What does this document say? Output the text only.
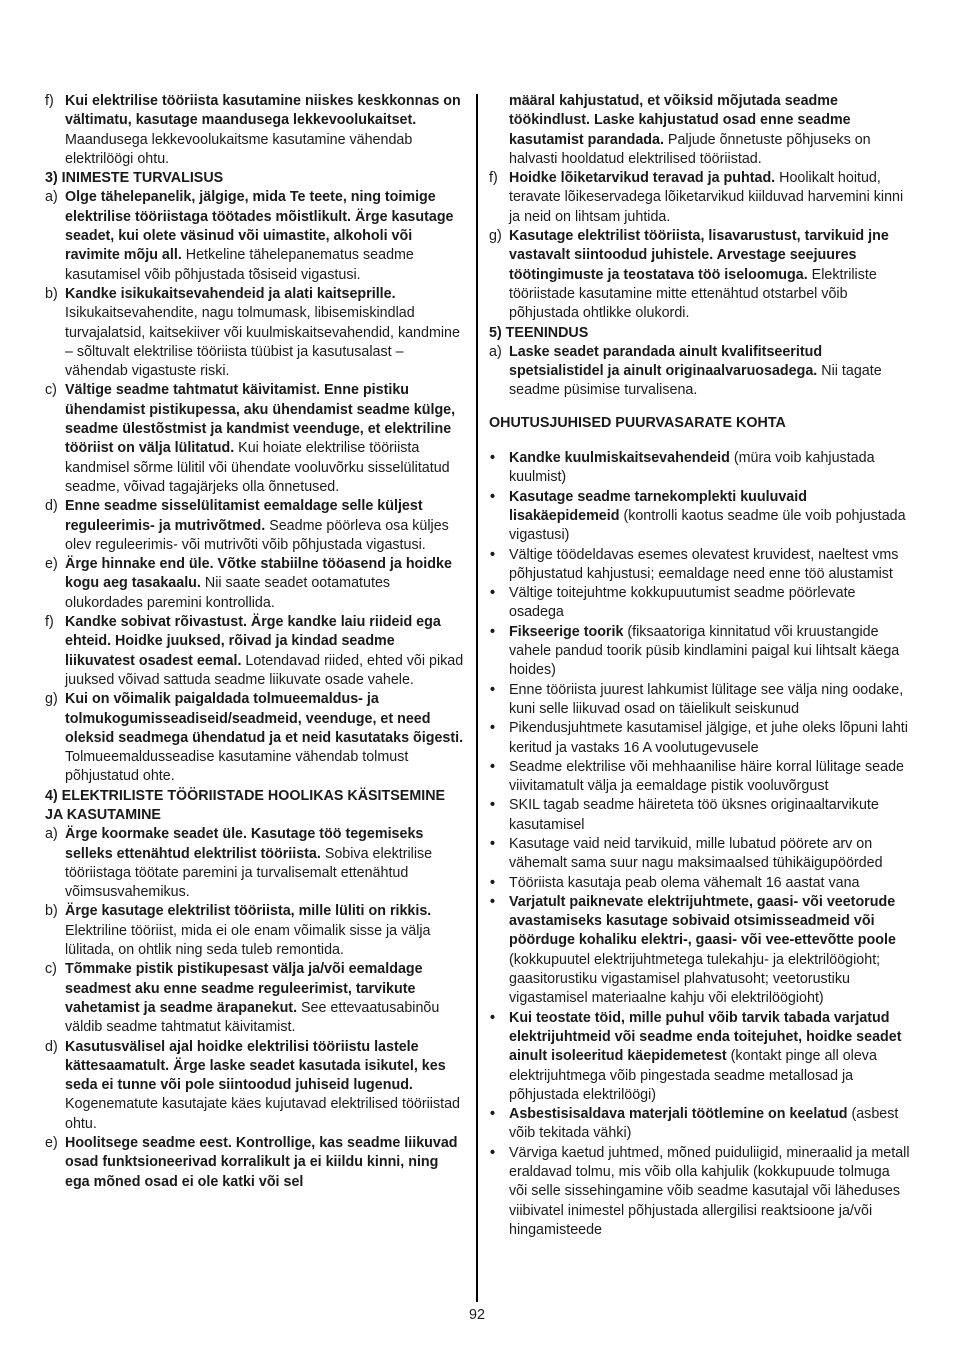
f) Kui elektrilise tööriista kasutamine niiskes keskkonnas on vältimatu, kasutage maandusega lekkevoolukaitset. Maandusega lekkevoolukaitsme kasutamine vähendab elektrilöögi ohtu.
3) INIMESTE TURVALISUS
a) Olge tähelepanelik, jälgige, mida Te teete, ning toimige elektrilise tööriistaga töötades mõistlikult. Ärge kasutage seadet, kui olete väsinud või uimastite, alkoholi või ravimite mõju all. Hetkeline tähelepanematus seadme kasutamisel võib põhjustada tõsiseid vigastusi.
b) Kandke isikukaitsevahendeid ja alati kaitseprille. Isikukaitsevahendite, nagu tolmumask, libisemiskindlad turvajalatsid, kaitsekiiver või kuulmiskaitsevahendid, kandmine – sõltuvalt elektrilise tööriista tüübist ja kasutusalast – vähendab vigastuste riski.
c) Vältige seadme tahtmatut käivitamist. Enne pistiku ühendamist pistikupessa, aku ühendamist seadme külge, seadme ülestõstmist ja kandmist veenduge, et elektriline tööriist on välja lülitatud. Kui hoiate elektrilise tööriista kandmisel sõrme lülitil või ühendate vooluvõrku sisselülitatud seadme, võivad tagajärjeks olla õnnetused.
d) Enne seadme sisselülitamist eemaldage selle küljest reguleerimis- ja mutrivõtmed. Seadme pöörleva osa küljes olev reguleerimis- või mutrivõti võib põhjustada vigastusi.
e) Ärge hinnake end üle. Võtke stabiilne tööasend ja hoidke kogu aeg tasakaalu. Nii saate seadet ootamatutes olukordades paremini kontrollida.
f) Kandke sobivat rõivastust. Ärge kandke laiu riideid ega ehteid. Hoidke juuksed, rõivad ja kindad seadme liikuvatest osadest eemal. Lotendavad riided, ehted või pikad juuksed võivad sattuda seadme liikuvate osade vahele.
g) Kui on võimalik paigaldada tolmueemaldus- ja tolmukogumisseadiseid/seadmeid, veenduge, et need oleksid seadmega ühendatud ja et neid kasutataks õigesti. Tolmueemaldusseadise kasutamine vähendab tolmust põhjustatud ohte.
4) ELEKTRILISTE TÖÖRIISTADE HOOLIKAS KÄSITSEMINE JA KASUTAMINE
a) Ärge koormake seadet üle. Kasutage töö tegemiseks selleks ettenähtud elektrilist tööriista. Sobiva elektrilise tööriistaga töötate paremini ja turvalisemalt ettenähtud võimsusvahemikus.
b) Ärge kasutage elektrilist tööriista, mille lüliti on rikkis. Elektriline tööriist, mida ei ole enam võimalik sisse ja välja lülitada, on ohtlik ning seda tuleb remontida.
c) Tõmmake pistik pistikupesast välja ja/või eemaldage seadmest aku enne seadme reguleerimist, tarvikute vahetamist ja seadme ärapanekut. See ettevaatusabinõu väldib seadme tahtmatut käivitamist.
d) Kasutusvälisel ajal hoidke elektrilisi tööriistu lastele kättesaamatult. Ärge laske seadet kasutada isikutel, kes seda ei tunne või pole siintoodud juhiseid lugenud. Kogenematute kasutajate käes kujutavad elektrilised tööriistad ohtu.
e) Hoolitsege seadme eest. Kontrollige, kas seadme liikuvad osad funktsioneerivad korralikult ja ei kiildu kinni, ning ega mõned osad ei ole katki või sel
määral kahjustatud, et võiksid mõjutada seadme töökindlust. Laske kahjustatud osad enne seadme kasutamist parandada. Paljude õnnetuste põhjuseks on halvasti hooldatud elektrilised tööriistad.
f) Hoidke lõiketarvikud teravad ja puhtad. Hoolikalt hoitud, teravate lõikeservadega lõiketarvikud kiilduvad harvemini kinni ja neid on lihtsam juhtida.
g) Kasutage elektrilist tööriista, lisavarustust, tarvikuid jne vastavalt siintoodud juhistele. Arvestage seejuures töötingimuste ja teostatava töö iseloomuga. Elektriliste tööriistade kasutamine mitte ettenähtud otstarbel võib põhjustada ohtlikke olukordi.
5) TEENINDUS
a) Laske seadet parandada ainult kvalifitseeritud spetsialistidel ja ainult originaalvaruosadega. Nii tagate seadme püsimise turvalisena.
OHUTUSJUHISED PUURVASARATE KOHTA
• Kandke kuulmiskaitsevahendeid (müra voib kahjustada kuulmist)
• Kasutage seadme tarnekomplekti kuuluvaid lisakäepidemeid (kontrolli kaotus seadme üle voib pohjustada vigastusi)
• Vältige töödeldavas esemes olevatest kruvidest, naeltest vms põhjustatud kahjustusi; eemaldage need enne töö alustamist
• Vältige toitejuhtme kokkupuutumist seadme pöörlevate osadega
• Fikseerige toorik (fiksaatoriga kinnitatud või kruustangide vahele pandud toorik püsib kindlamini paigal kui lihtsalt käega hoides)
• Enne tööriista juurest lahkumist lülitage see välja ning oodake, kuni selle liikuvad osad on täielikult seiskunud
• Pikendusjuhtmete kasutamisel jälgige, et juhe oleks lõpuni lahti keritud ja vastaks 16 A voolutugevusele
• Seadme elektrilise või mehhaanilise häire korral lülitage seade viivitamatult välja ja eemaldage pistik vooluvõrgust
• SKIL tagab seadme häireteta töö üksnes originaaltarvikute kasutamisel
• Kasutage vaid neid tarvikuid, mille lubatud pöörete arv on vähemalt sama suur nagu maksimaalsed tühikäigupöörded
• Tööriista kasutaja peab olema vähemalt 16 aastat vana
• Varjatult paiknevate elektrijuhtmete, gaasi- või veetorude avastamiseks kasutage sobivaid otsimisseadmeid või pöörduge kohaliku elektri-, gaasi- või vee-ettevõtte poole (kokkupuutel elektrijuhtmetega tulekahju- ja elektrilöögioht; gaasitorustiku vigastamisel plahvatusoht; veetorustiku vigastamisel materiaalne kahju või elektrilöögioht)
• Kui teostate töid, mille puhul võib tarvik tabada varjatud elektrijuhtmeid või seadme enda toitejuhet, hoidke seadet ainult isoleeritud käepidemetest (kontakt pinge all oleva elektrijuhtmega võib pingestada seadme metallosad ja põhjustada elektrilöögi)
• Asbestisisaldava materjali töötlemine on keelatud (asbest võib tekitada vähki)
• Värviga kaetud juhtmed, mõned puiduliigid, mineraalid ja metall eraldavad tolmu, mis võib olla kahjulik (kokkupuude tolmuga või selle sissehingamine võib seadme kasutajal või läheduses viibivatel inimestel põhjustada allergilisi reaktsioone ja/või hingamisteede
92
